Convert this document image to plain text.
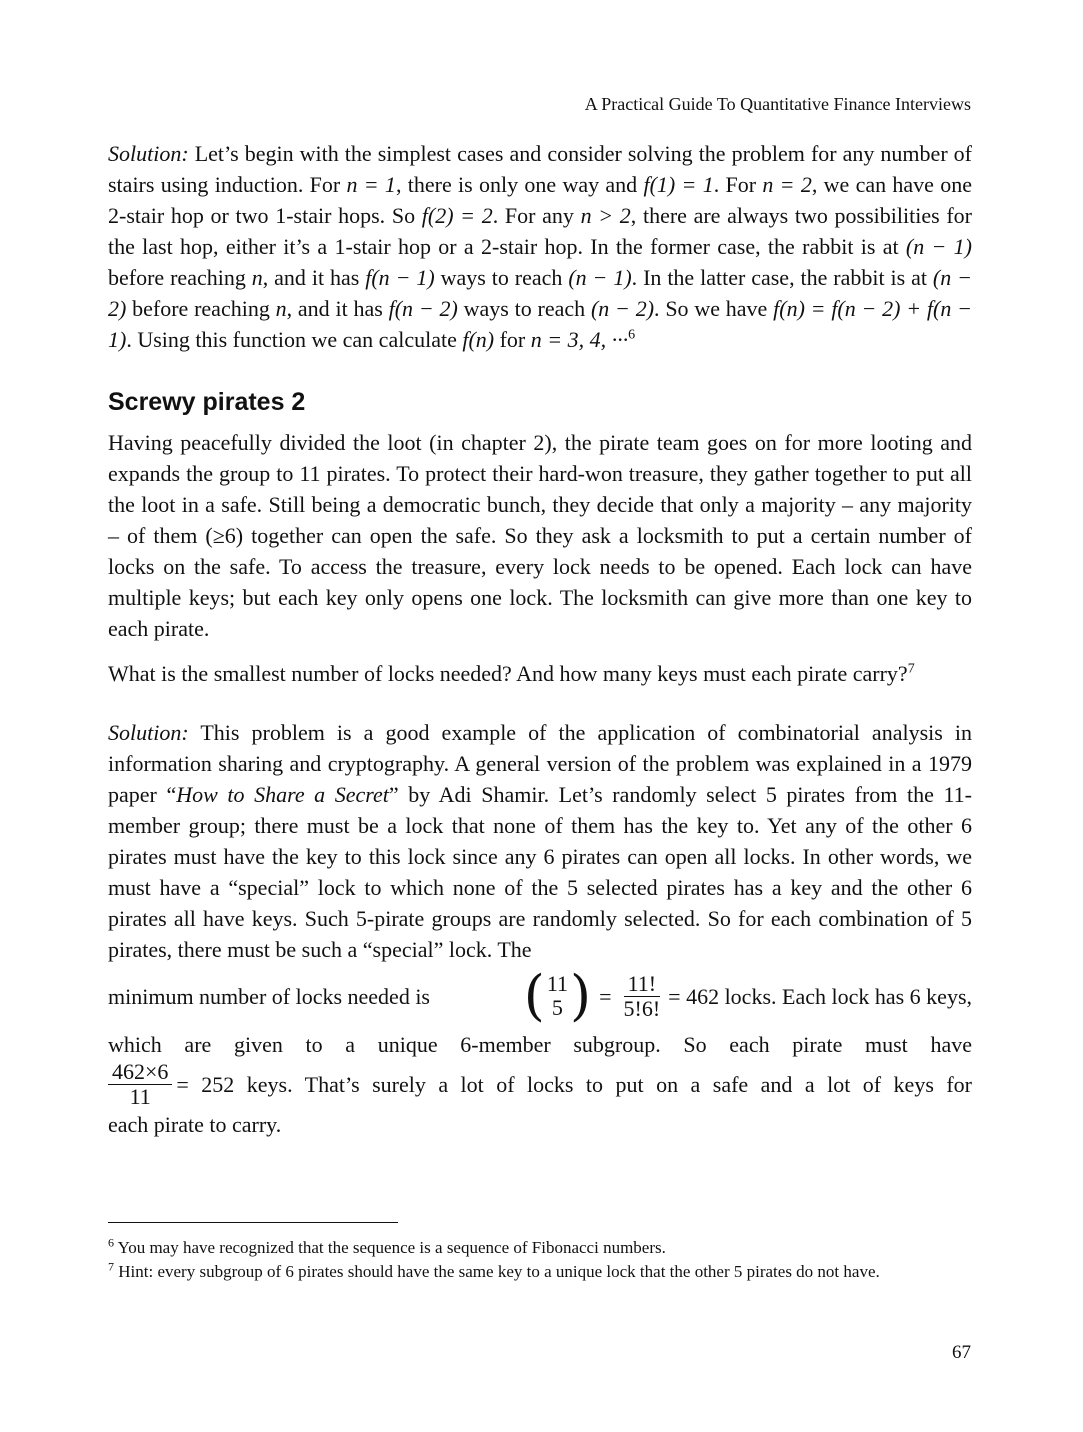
A Practical Guide To Quantitative Finance Interviews

Solution: Let’s begin with the simplest cases and consider solving the problem for any number of stairs using induction. For n = 1, there is only one way and f(1) = 1. For n = 2, we can have one 2-stair hop or two 1-stair hops. So f(2) = 2. For any n > 2, there are always two possibilities for the last hop, either it’s a 1-stair hop or a 2-stair hop. In the former case, the rabbit is at (n − 1) before reaching n, and it has f(n − 1) ways to reach (n − 1). In the latter case, the rabbit is at (n − 2) before reaching n, and it has f(n − 2) ways to reach (n − 2). So we have f(n) = f(n − 2) + f(n − 1). Using this function we can calculate f(n) for n = 3, 4, ···$^6$

Screwy pirates 2

Having peacefully divided the loot (in chapter 2), the pirate team goes on for more looting and expands the group to 11 pirates. To protect their hard-won treasure, they gather together to put all the loot in a safe. Still being a democratic bunch, they decide that only a majority – any majority – of them (≥6) together can open the safe. So they ask a locksmith to put a certain number of locks on the safe. To access the treasure, every lock needs to be opened. Each lock can have multiple keys; but each key only opens one lock. The locksmith can give more than one key to each pirate.

What is the smallest number of locks needed? And how many keys must each pirate carry?$^7$

Solution: This problem is a good example of the application of combinatorial analysis in information sharing and cryptography. A general version of the problem was explained in a 1979 paper “How to Share a Secret” by Adi Shamir. Let’s randomly select 5 pirates from the 11-member group; there must be a lock that none of them has the key to. Yet any of the other 6 pirates must have the key to this lock since any 6 pirates can open all locks. In other words, we must have a “special” lock to which none of the 5 selected pirates has a key and the other 6 pirates all have keys. Such 5-pirate groups are randomly selected. So for each combination of 5 pirates, there must be such a “special” lock. The

minimum number of locks needed is ( 11
5 ) = $\frac{11!}{5!6!} = 462$ locks. Each lock has 6 keys,
which are given to a unique 6-member subgroup. So each pirate must have
$\frac{462\times 6}{11} = 252$ keys. That’s surely a lot of locks to put on a safe and a lot of keys for
each pirate to carry.

$^6$ You may have recognized that the sequence is a sequence of Fibonacci numbers.

$^7$ Hint: every subgroup of 6 pirates should have the same key to a unique lock that the other 5 pirates do not have.

67
